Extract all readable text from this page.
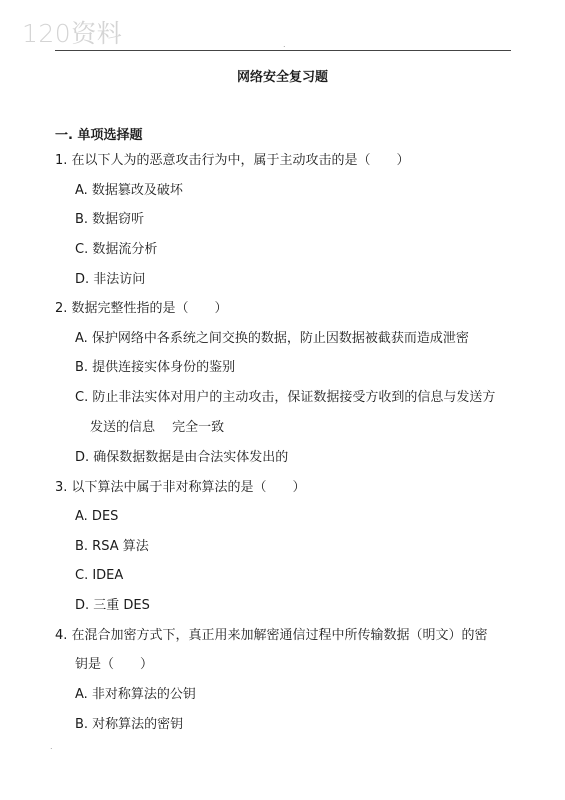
120资料	.
网络安全复习题
一. 单项选择题
1. 在以下人为的恶意攻击行为中，属于主动攻击的是（　　）
A. 数据篡改及破坏
B. 数据窃听
C. 数据流分析
D. 非法访问
2. 数据完整性指的是（　　）
A. 保护网络中各系统之间交换的数据，防止因数据被截获而造成泄密
B. 提供连接实体身份的鉴别
C. 防止非法实体对用户的主动攻击，保证数据接受方收到的信息与发送方
发送的信息　 完全一致
D. 确保数据数据是由合法实体发出的
3. 以下算法中属于非对称算法的是（　　）
A. DES
B. RSA 算法
C. IDEA
D. 三重 DES
4. 在混合加密方式下，真正用来加解密通信过程中所传输数据（明文）的密
钥是（　　）
A. 非对称算法的公钥
B. 对称算法的密钥
.
